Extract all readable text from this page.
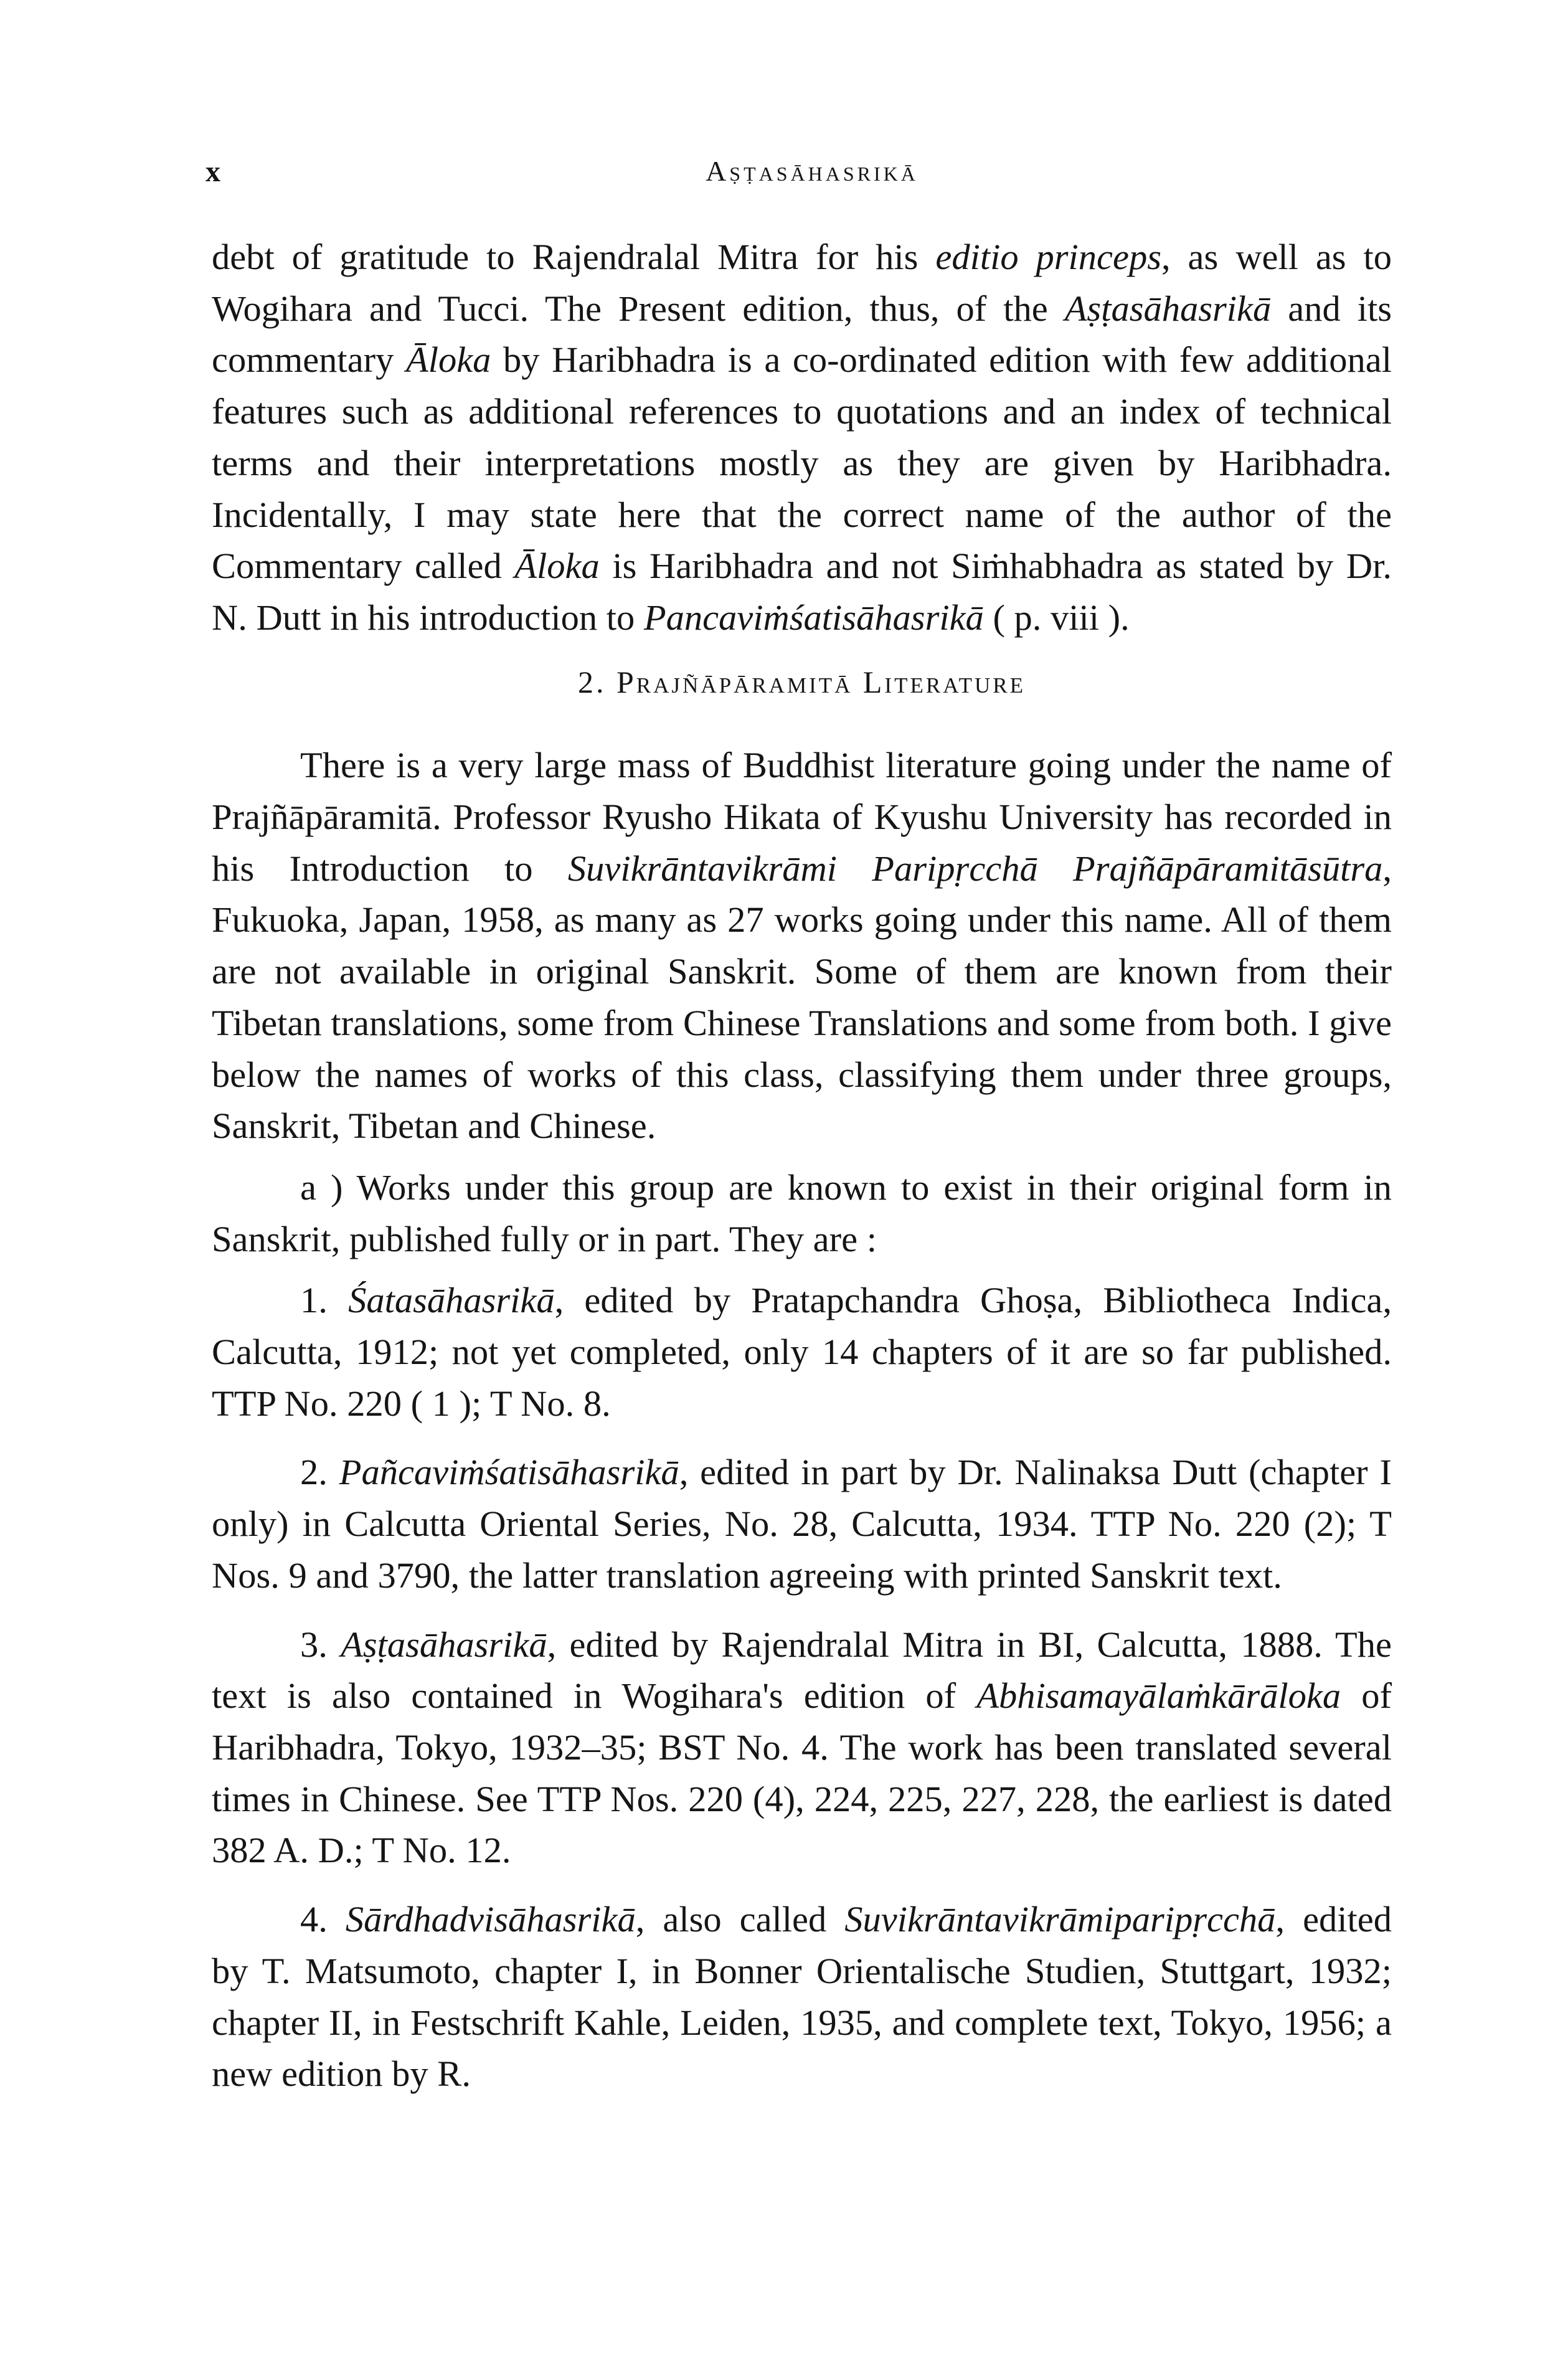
x	Aṣṭasāhasrikā

debt of gratitude to Rajendralal Mitra for his editio princeps, as well as to Wogihara and Tucci. The Present edition, thus, of the Aṣṭasāhasrikā and its commentary Āloka by Haribhadra is a co-ordinated edition with few additional features such as additional references to quotations and an index of technical terms and their interpretations mostly as they are given by Haribhadra. Incidentally, I may state here that the correct name of the author of the Commentary called Āloka is Haribhadra and not Siṁhabhadra as stated by Dr. N. Dutt in his introduction to Pancaviṁśatisāhasrikā ( p. viii ).

2. Prajñāpāramitā Literature

There is a very large mass of Buddhist literature going under the name of Prajñāpāramitā. Professor Ryusho Hikata of Kyushu University has recorded in his Introduction to Suvikrāntavikrāmi Paripṛcchā Prajñāpāramitāsūtra, Fukuoka, Japan, 1958, as many as 27 works going under this name. All of them are not available in original Sanskrit. Some of them are known from their Tibetan translations, some from Chinese Translations and some from both. I give below the names of works of this class, classifying them under three groups, Sanskrit, Tibetan and Chinese.

a ) Works under this group are known to exist in their original form in Sanskrit, published fully or in part. They are :

1. Śatasāhasrikā, edited by Pratapchandra Ghoṣa, Bibliotheca Indica, Calcutta, 1912; not yet completed, only 14 chapters of it are so far published. TTP No. 220 ( 1 ); T No. 8.

2. Pañcaviṁśatisāhasrikā, edited in part by Dr. Nalinaksa Dutt (chapter I only) in Calcutta Oriental Series, No. 28, Calcutta, 1934. TTP No. 220 (2); T Nos. 9 and 3790, the latter translation agreeing with printed Sanskrit text.

3. Aṣṭasāhasrikā, edited by Rajendralal Mitra in BI, Calcutta, 1888. The text is also contained in Wogihara's edition of Abhisamayālaṁkārāloka of Haribhadra, Tokyo, 1932–35; BST No. 4. The work has been translated several times in Chinese. See TTP Nos. 220 (4), 224, 225, 227, 228, the earliest is dated 382 A. D.; T No. 12.

4. Sārdhadvisāhasrikā, also called Suvikrāntavikrāmiparipṛcchā, edited by T. Matsumoto, chapter I, in Bonner Orientalische Studien, Stuttgart, 1932; chapter II, in Festschrift Kahle, Leiden, 1935, and complete text, Tokyo, 1956; a new edition by R.
